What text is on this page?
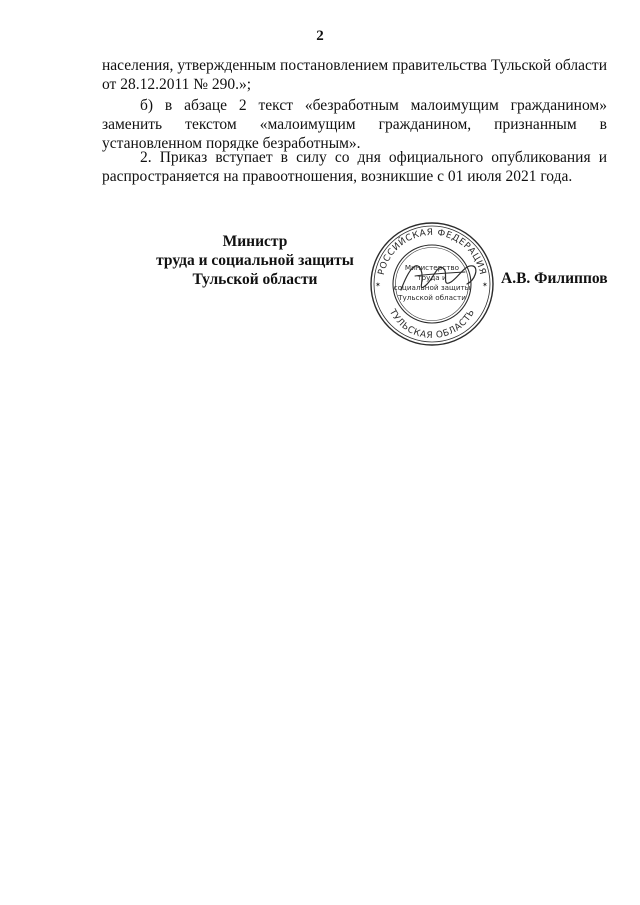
2

населения, утвержденным постановлением правительства Тульской области

от 28.12.2011 № 290.»;

б) в абзаце 2 текст «безработным малоимущим гражданином» заменить текстом «малоимущим гражданином, признанным в установленном порядке безработным».

2. Приказ вступает в силу со дня официального опубликования и распространяется на правоотношения, возникшие с 01 июля 2021 года.

Министр
труда и социальной защиты
Тульской области	РОССИЙСКАЯ ФЕДЕРАЦИЯ
ТУЛЬСКАЯ ОБЛАСТЬ
✶	✶
Министерство
труда и
социальной защиты
Тульской области
А.В. Филиппов
